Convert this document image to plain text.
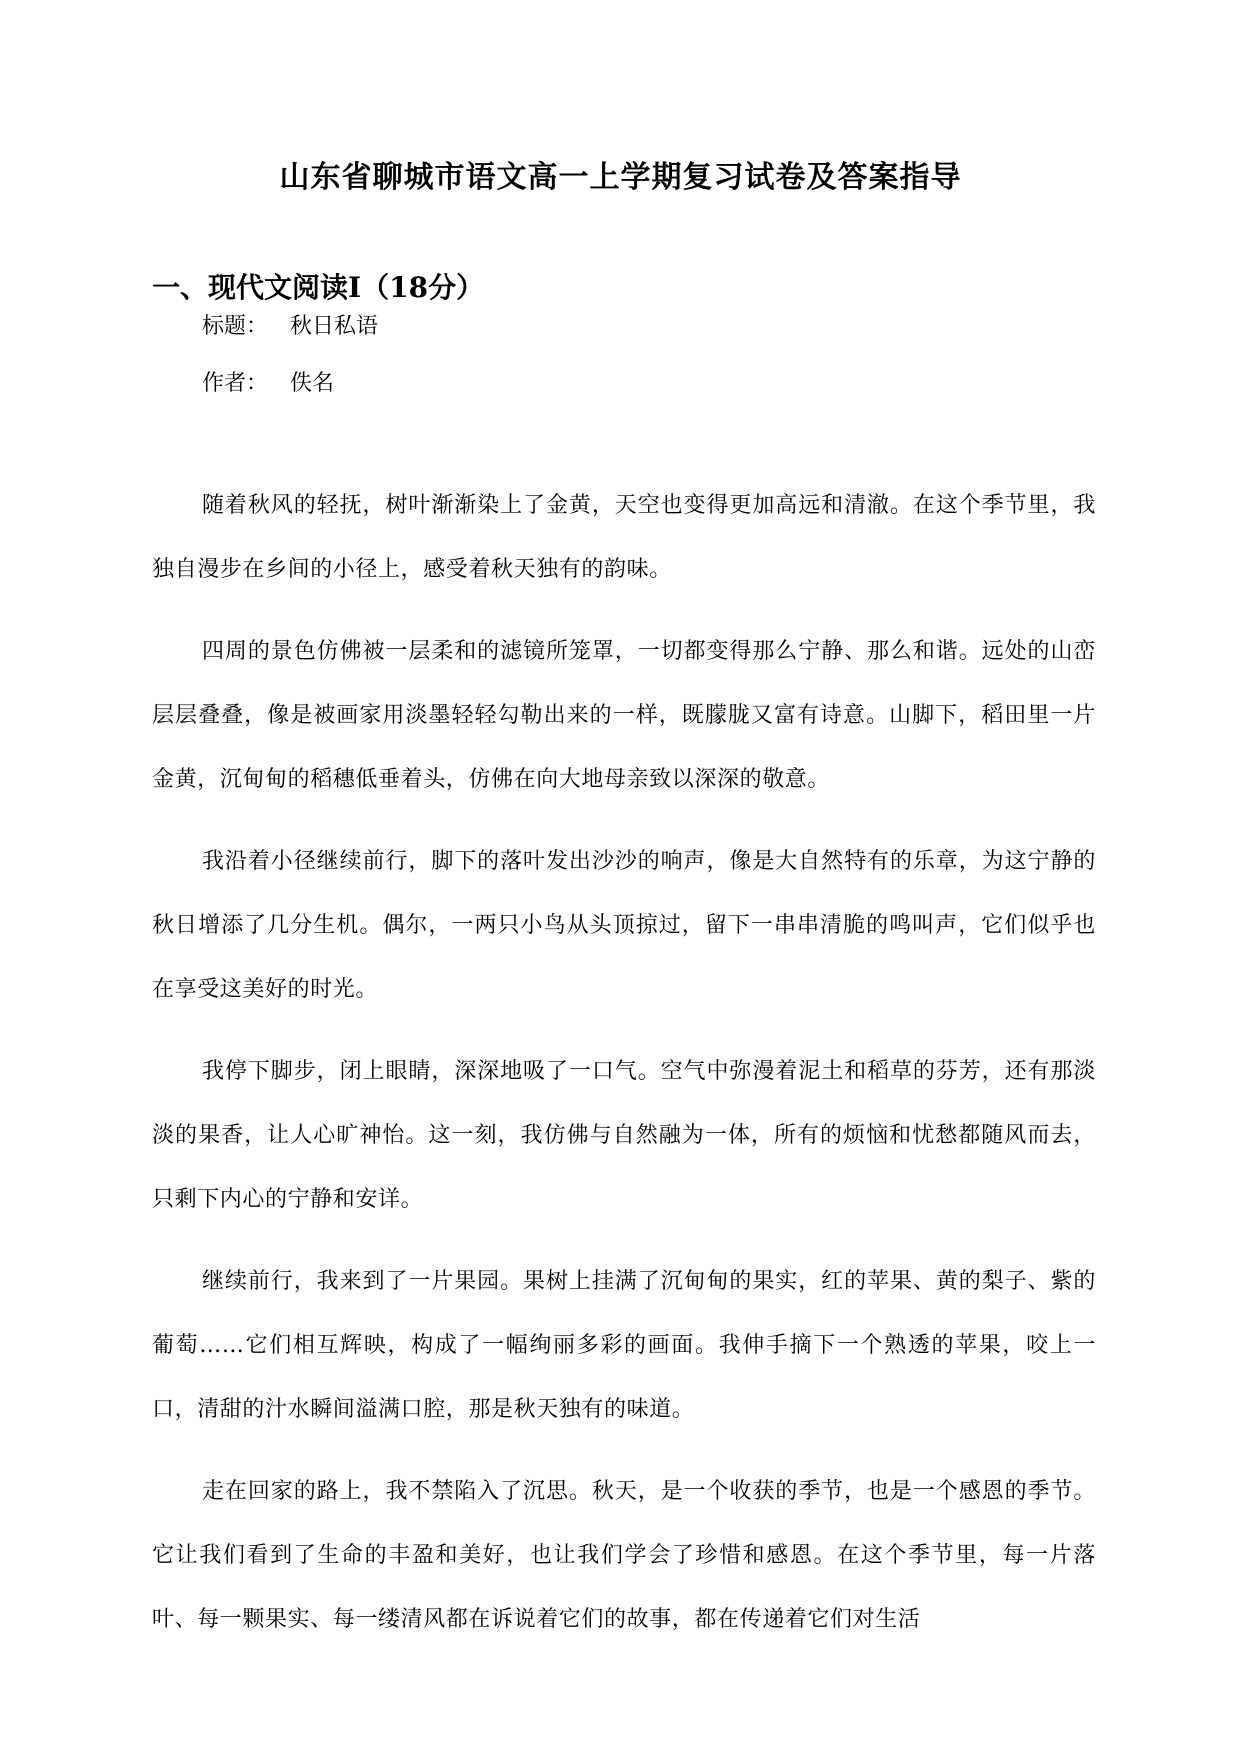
山东省聊城市语文高一上学期复习试卷及答案指导
一、现代文阅读Ⅰ（18分）

标题： 秋日私语

作者： 佚名

随着秋风的轻抚，树叶渐渐染上了金黄，天空也变得更加高远和清澈。在这个季节里，我独自漫步在乡间的小径上，感受着秋天独有的韵味。

四周的景色仿佛被一层柔和的滤镜所笼罩，一切都变得那么宁静、那么和谐。远处的山峦层层叠叠，像是被画家用淡墨轻轻勾勒出来的一样，既朦胧又富有诗意。山脚下，稻田里一片金黄，沉甸甸的稻穗低垂着头，仿佛在向大地母亲致以深深的敬意。

我沿着小径继续前行，脚下的落叶发出沙沙的响声，像是大自然特有的乐章，为这宁静的秋日增添了几分生机。偶尔，一两只小鸟从头顶掠过，留下一串串清脆的鸣叫声，它们似乎也在享受这美好的时光。

我停下脚步，闭上眼睛，深深地吸了一口气。空气中弥漫着泥土和稻草的芬芳，还有那淡淡的果香，让人心旷神怡。这一刻，我仿佛与自然融为一体，所有的烦恼和忧愁都随风而去，只剩下内心的宁静和安详。

继续前行，我来到了一片果园。果树上挂满了沉甸甸的果实，红的苹果、黄的梨子、紫的葡萄……它们相互辉映，构成了一幅绚丽多彩的画面。我伸手摘下一个熟透的苹果，咬上一口，清甜的汁水瞬间溢满口腔，那是秋天独有的味道。

走在回家的路上，我不禁陷入了沉思。秋天，是一个收获的季节，也是一个感恩的季节。它让我们看到了生命的丰盈和美好，也让我们学会了珍惜和感恩。在这个季节里，每一片落叶、每一颗果实、每一缕清风都在诉说着它们的故事，都在传递着它们对生活
